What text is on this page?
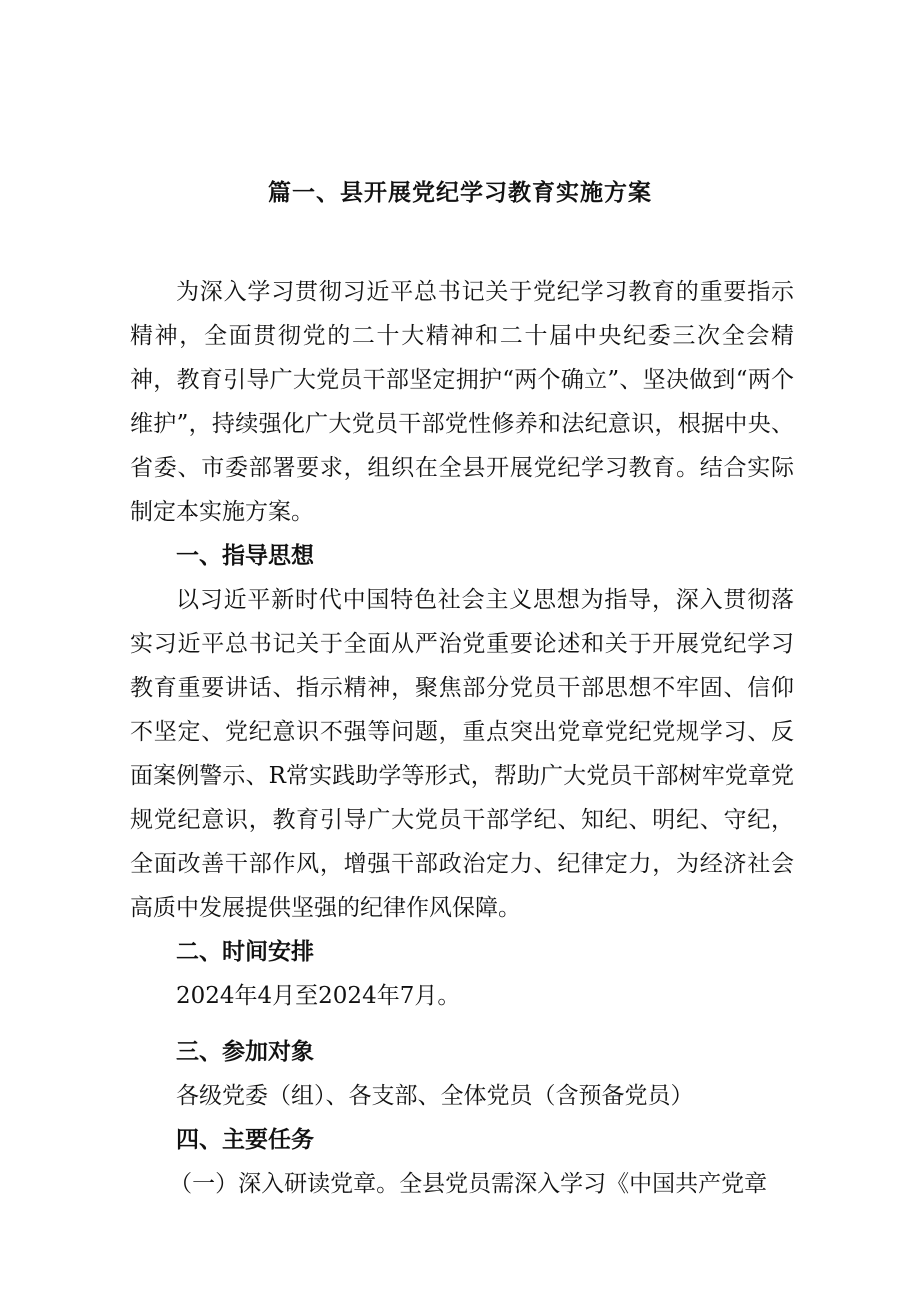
篇一、县开展党纪学习教育实施方案

为深入学习贯彻习近平总书记关于党纪学习教育的重要指示精神，全面贯彻党的二十大精神和二十届中央纪委三次全会精神，教育引导广大党员干部坚定拥护“两个确立”、坚决做到“两个维护”，持续强化广大党员干部党性修养和法纪意识，根据中央、省委、市委部署要求，组织在全县开展党纪学习教育。结合实际制定本实施方案。

一、指导思想

以习近平新时代中国特色社会主义思想为指导，深入贯彻落实习近平总书记关于全面从严治党重要论述和关于开展党纪学习教育重要讲话、指示精神，聚焦部分党员干部思想不牢固、信仰不坚定、党纪意识不强等问题，重点突出党章党纪党规学习、反面案例警示、R常实践助学等形式，帮助广大党员干部树牢党章党规党纪意识，教育引导广大党员干部学纪、知纪、明纪、守纪，全面改善干部作风，增强干部政治定力、纪律定力，为经济社会高质中发展提供坚强的纪律作风保障。

二、时间安排

2024年4月至2024年7月。

三、参加对象

各级党委（组）、各支部、全体党员（含预备党员）

四、主要任务

（一）深入研读党章。全县党员需深入学习《中国共产党章
